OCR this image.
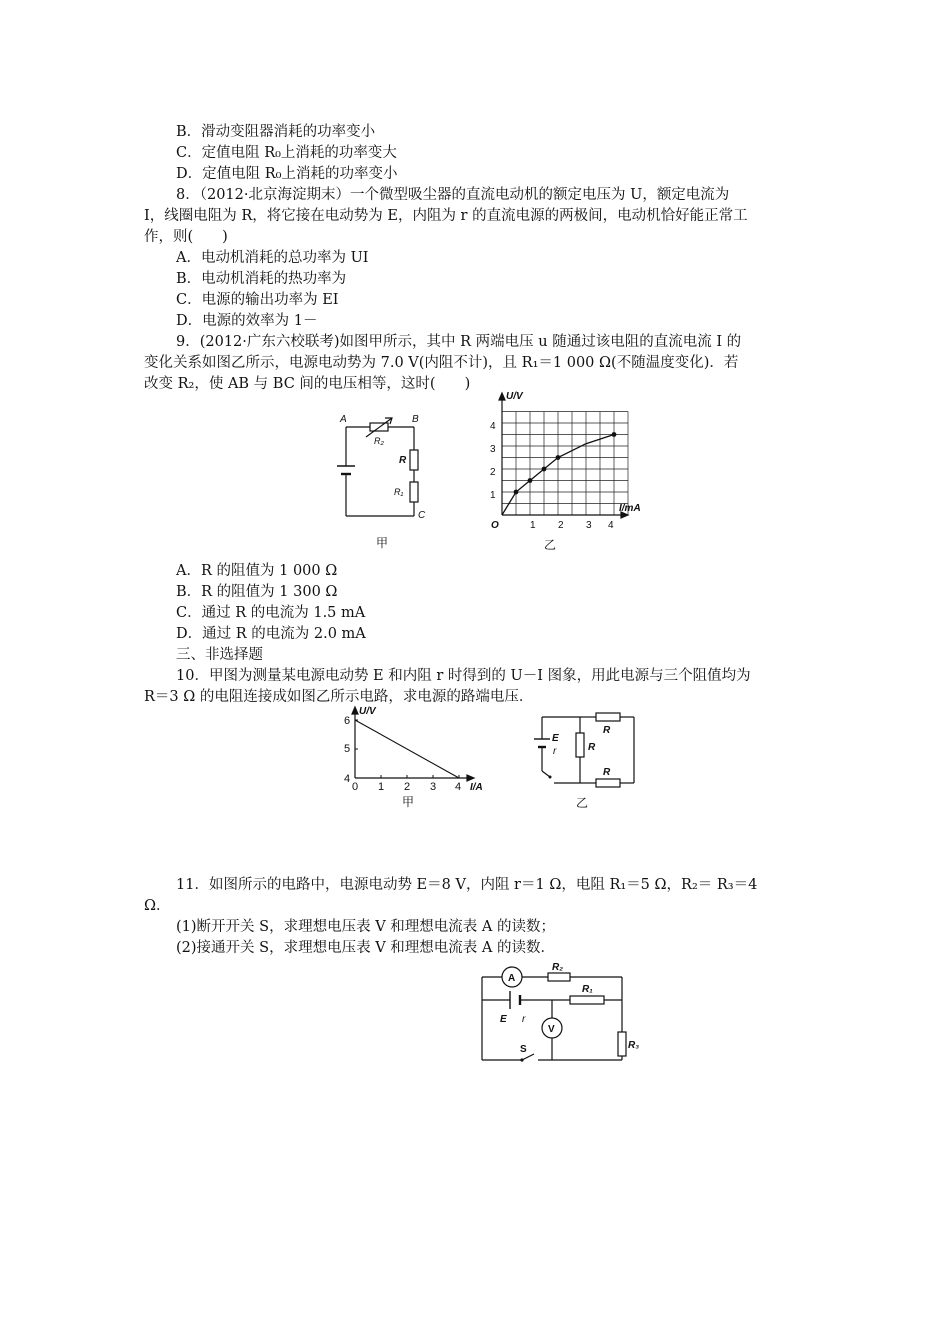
B．滑动变阻器消耗的功率变小
C．定值电阻 R₀上消耗的功率变大
D．定值电阻 R₀上消耗的功率变小
8．（2012·北京海淀期末）一个微型吸尘器的直流电动机的额定电压为 U，额定电流为
I，线圈电阻为 R，将它接在电动势为 E，内阻为 r 的直流电源的两极间，电动机恰好能正常工
作，则(　　)
A．电动机消耗的总功率为 UI
B．电动机消耗的热功率为
C．电源的输出功率为 EI
D．电源的效率为 1－
9．(2012·广东六校联考)如图甲所示，其中 R 两端电压 u 随通过该电阻的直流电流 I 的
变化关系如图乙所示，电源电动势为 7.0 V(内阻不计)，且 R₁＝1 000 Ω(不随温度变化)．若
改变 R₂，使 AB 与 BC 间的电压相等，这时(　　)
A	B
C
R₂
R
R₁
甲
U/V
I/mA
O
1
2
3
4
1 2 3 4
乙
A．R 的阻值为 1 000 Ω
B．R 的阻值为 1 300 Ω
C．通过 R 的电流为 1.5 mA
D．通过 R 的电流为 2.0 mA
三、非选择题
10．甲图为测量某电源电动势 E 和内阻 r 时得到的 U－I 图象，用此电源与三个阻值均为
R＝3 Ω 的电阻连接成如图乙所示电路，求电源的路端电压．
U/V
I/A
4
5
6
0 1 2 3 4
甲
E
r
R
R
R
乙
11．如图所示的电路中，电源电动势 E＝8 V，内阻 r＝1 Ω，电阻 R₁＝5 Ω，R₂＝ R₃＝4
Ω．
(1)断开开关 S，求理想电压表 V 和理想电流表 A 的读数；
(2)接通开关 S，求理想电压表 V 和理想电流表 A 的读数．
A
V
R₂
R₁
R₃
E r
S
